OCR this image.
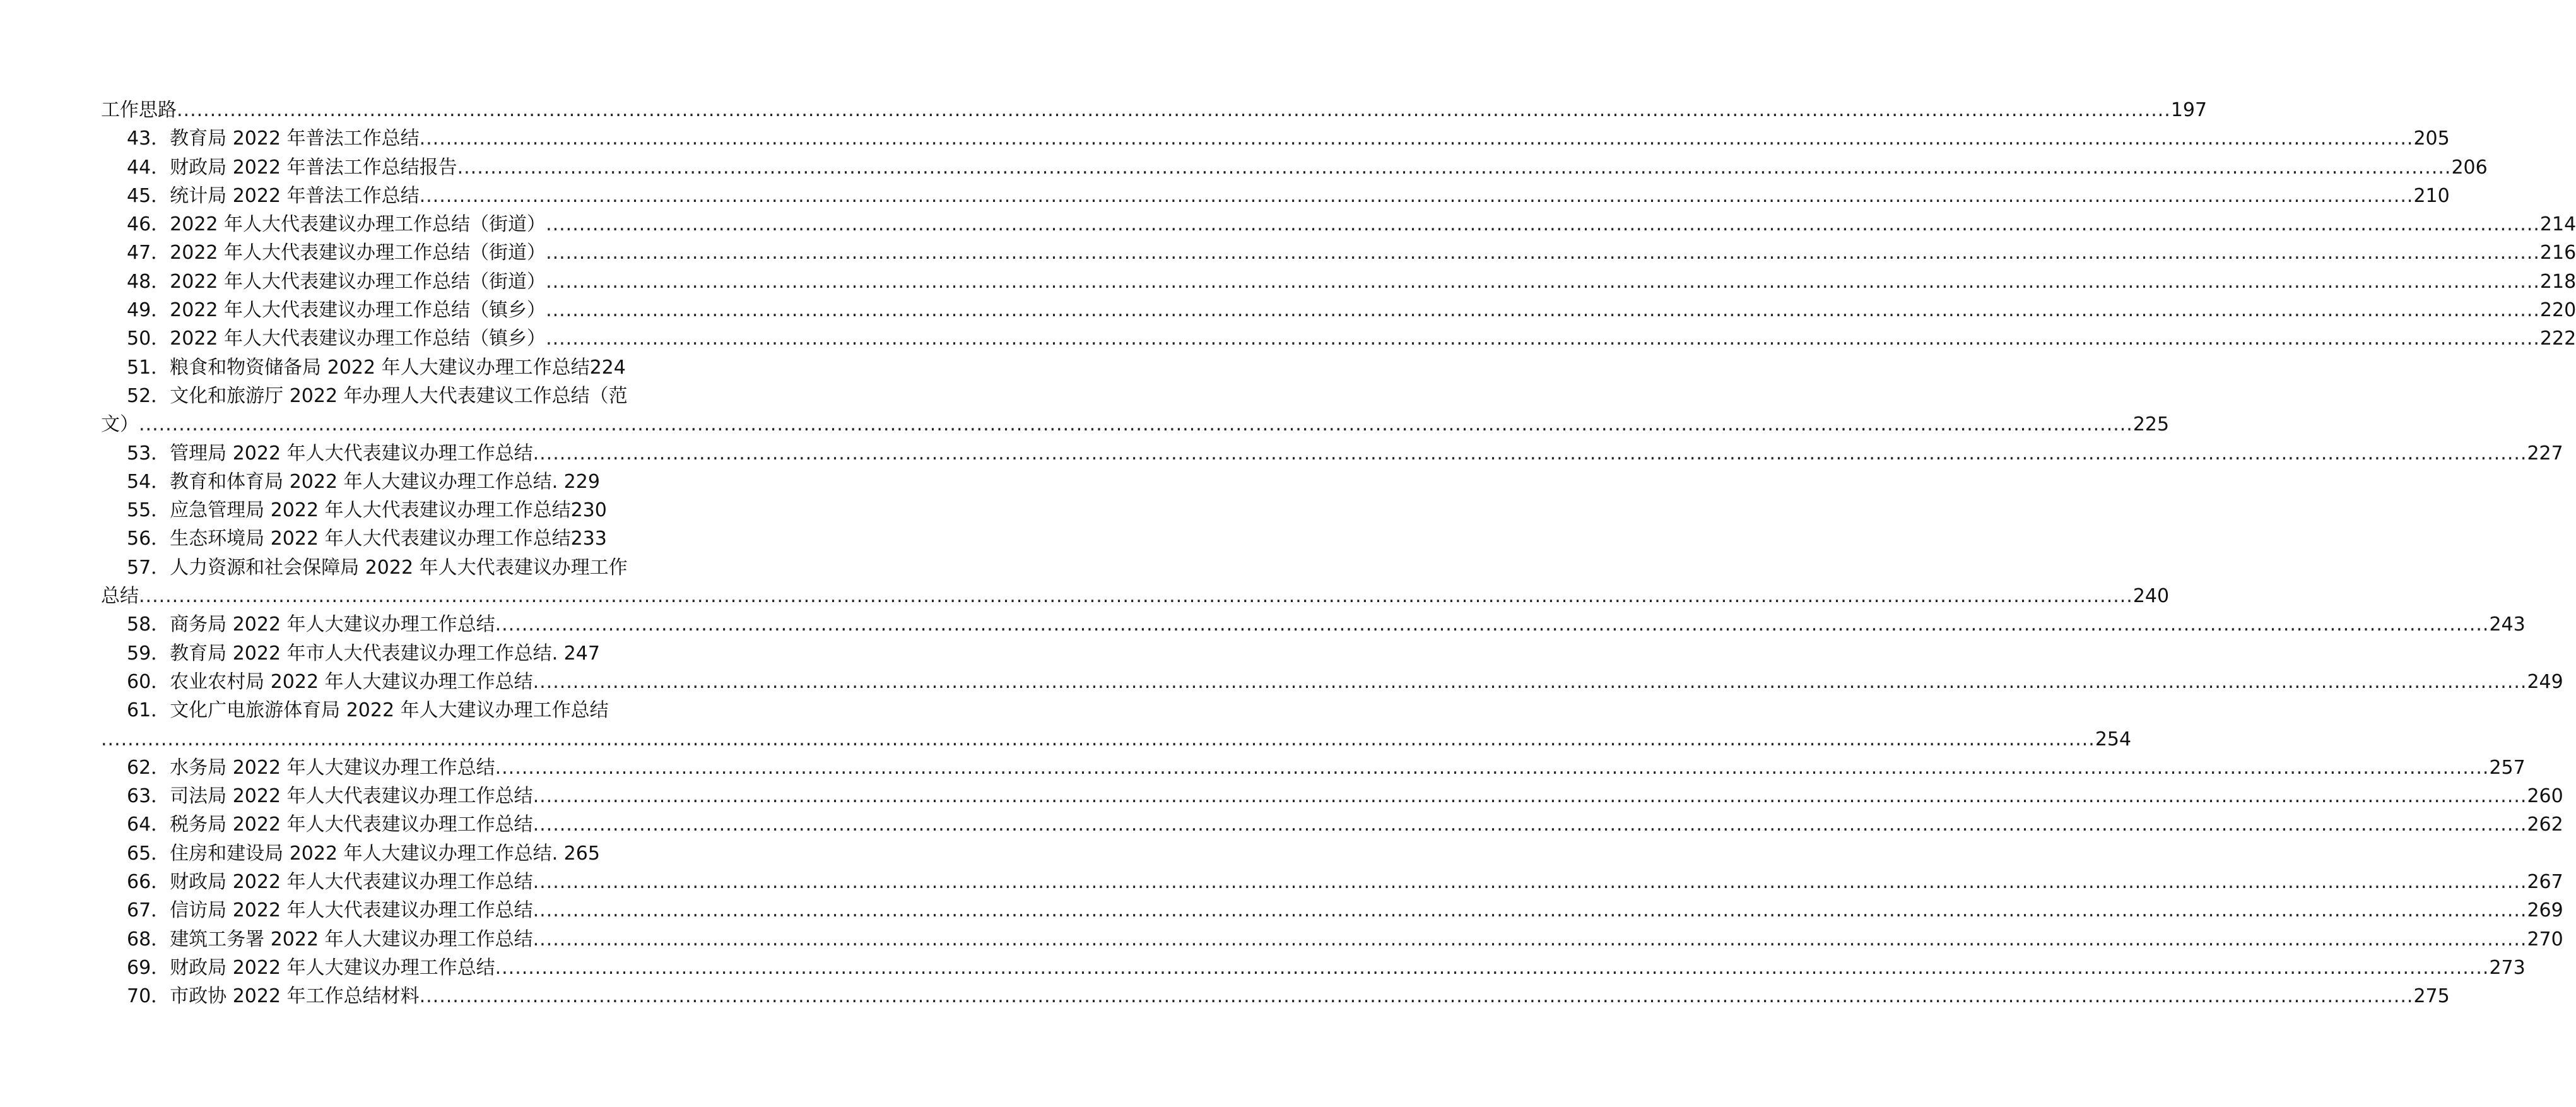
工作思路 ............................................................................................................................................................................................................................................................................................................ 197
43．教育局 2022 年普法工作总结 ............................................................................................................................................................................................................................................................................................................ 205
44．财政局 2022 年普法工作总结报告 ............................................................................................................................................................................................................................................................................................................ 206
45．统计局 2022 年普法工作总结 ............................................................................................................................................................................................................................................................................................................ 210
46．2022 年人大代表建议办理工作总结（街道） ............................................................................................................................................................................................................................................................................................................ 214
47．2022 年人大代表建议办理工作总结（街道） ............................................................................................................................................................................................................................................................................................................ 216
48．2022 年人大代表建议办理工作总结（街道） ............................................................................................................................................................................................................................................................................................................ 218
49．2022 年人大代表建议办理工作总结（镇乡） ............................................................................................................................................................................................................................................................................................................ 220
50．2022 年人大代表建议办理工作总结（镇乡） ............................................................................................................................................................................................................................................................................................................ 222
51．粮食和物资储备局 2022 年人大建议办理工作总结224
52．文化和旅游厅 2022 年办理人大代表建议工作总结（范
文） ............................................................................................................................................................................................................................................................................................................ 225
53．管理局 2022 年人大代表建议办理工作总结 ............................................................................................................................................................................................................................................................................................................ 227
54．教育和体育局 2022 年人大建议办理工作总结. 229
55．应急管理局 2022 年人大代表建议办理工作总结230
56．生态环境局 2022 年人大代表建议办理工作总结233
57．人力资源和社会保障局 2022 年人大代表建议办理工作
总结 ............................................................................................................................................................................................................................................................................................................ 240
58．商务局 2022 年人大建议办理工作总结 ............................................................................................................................................................................................................................................................................................................ 243
59．教育局 2022 年市人大代表建议办理工作总结. 247
60．农业农村局 2022 年人大建议办理工作总结 ............................................................................................................................................................................................................................................................................................................ 249
61．文化广电旅游体育局 2022 年人大建议办理工作总结
............................................................................................................................................................................................................................................................................................................ 254
62．水务局 2022 年人大建议办理工作总结 ............................................................................................................................................................................................................................................................................................................ 257
63．司法局 2022 年人大代表建议办理工作总结 ............................................................................................................................................................................................................................................................................................................ 260
64．税务局 2022 年人大代表建议办理工作总结 ............................................................................................................................................................................................................................................................................................................ 262
65．住房和建设局 2022 年人大建议办理工作总结. 265
66．财政局 2022 年人大代表建议办理工作总结 ............................................................................................................................................................................................................................................................................................................ 267
67．信访局 2022 年人大代表建议办理工作总结 ............................................................................................................................................................................................................................................................................................................ 269
68．建筑工务署 2022 年人大建议办理工作总结 ............................................................................................................................................................................................................................................................................................................ 270
69．财政局 2022 年人大建议办理工作总结 ............................................................................................................................................................................................................................................................................................................ 273
70．市政协 2022 年工作总结材料 ............................................................................................................................................................................................................................................................................................................ 275
